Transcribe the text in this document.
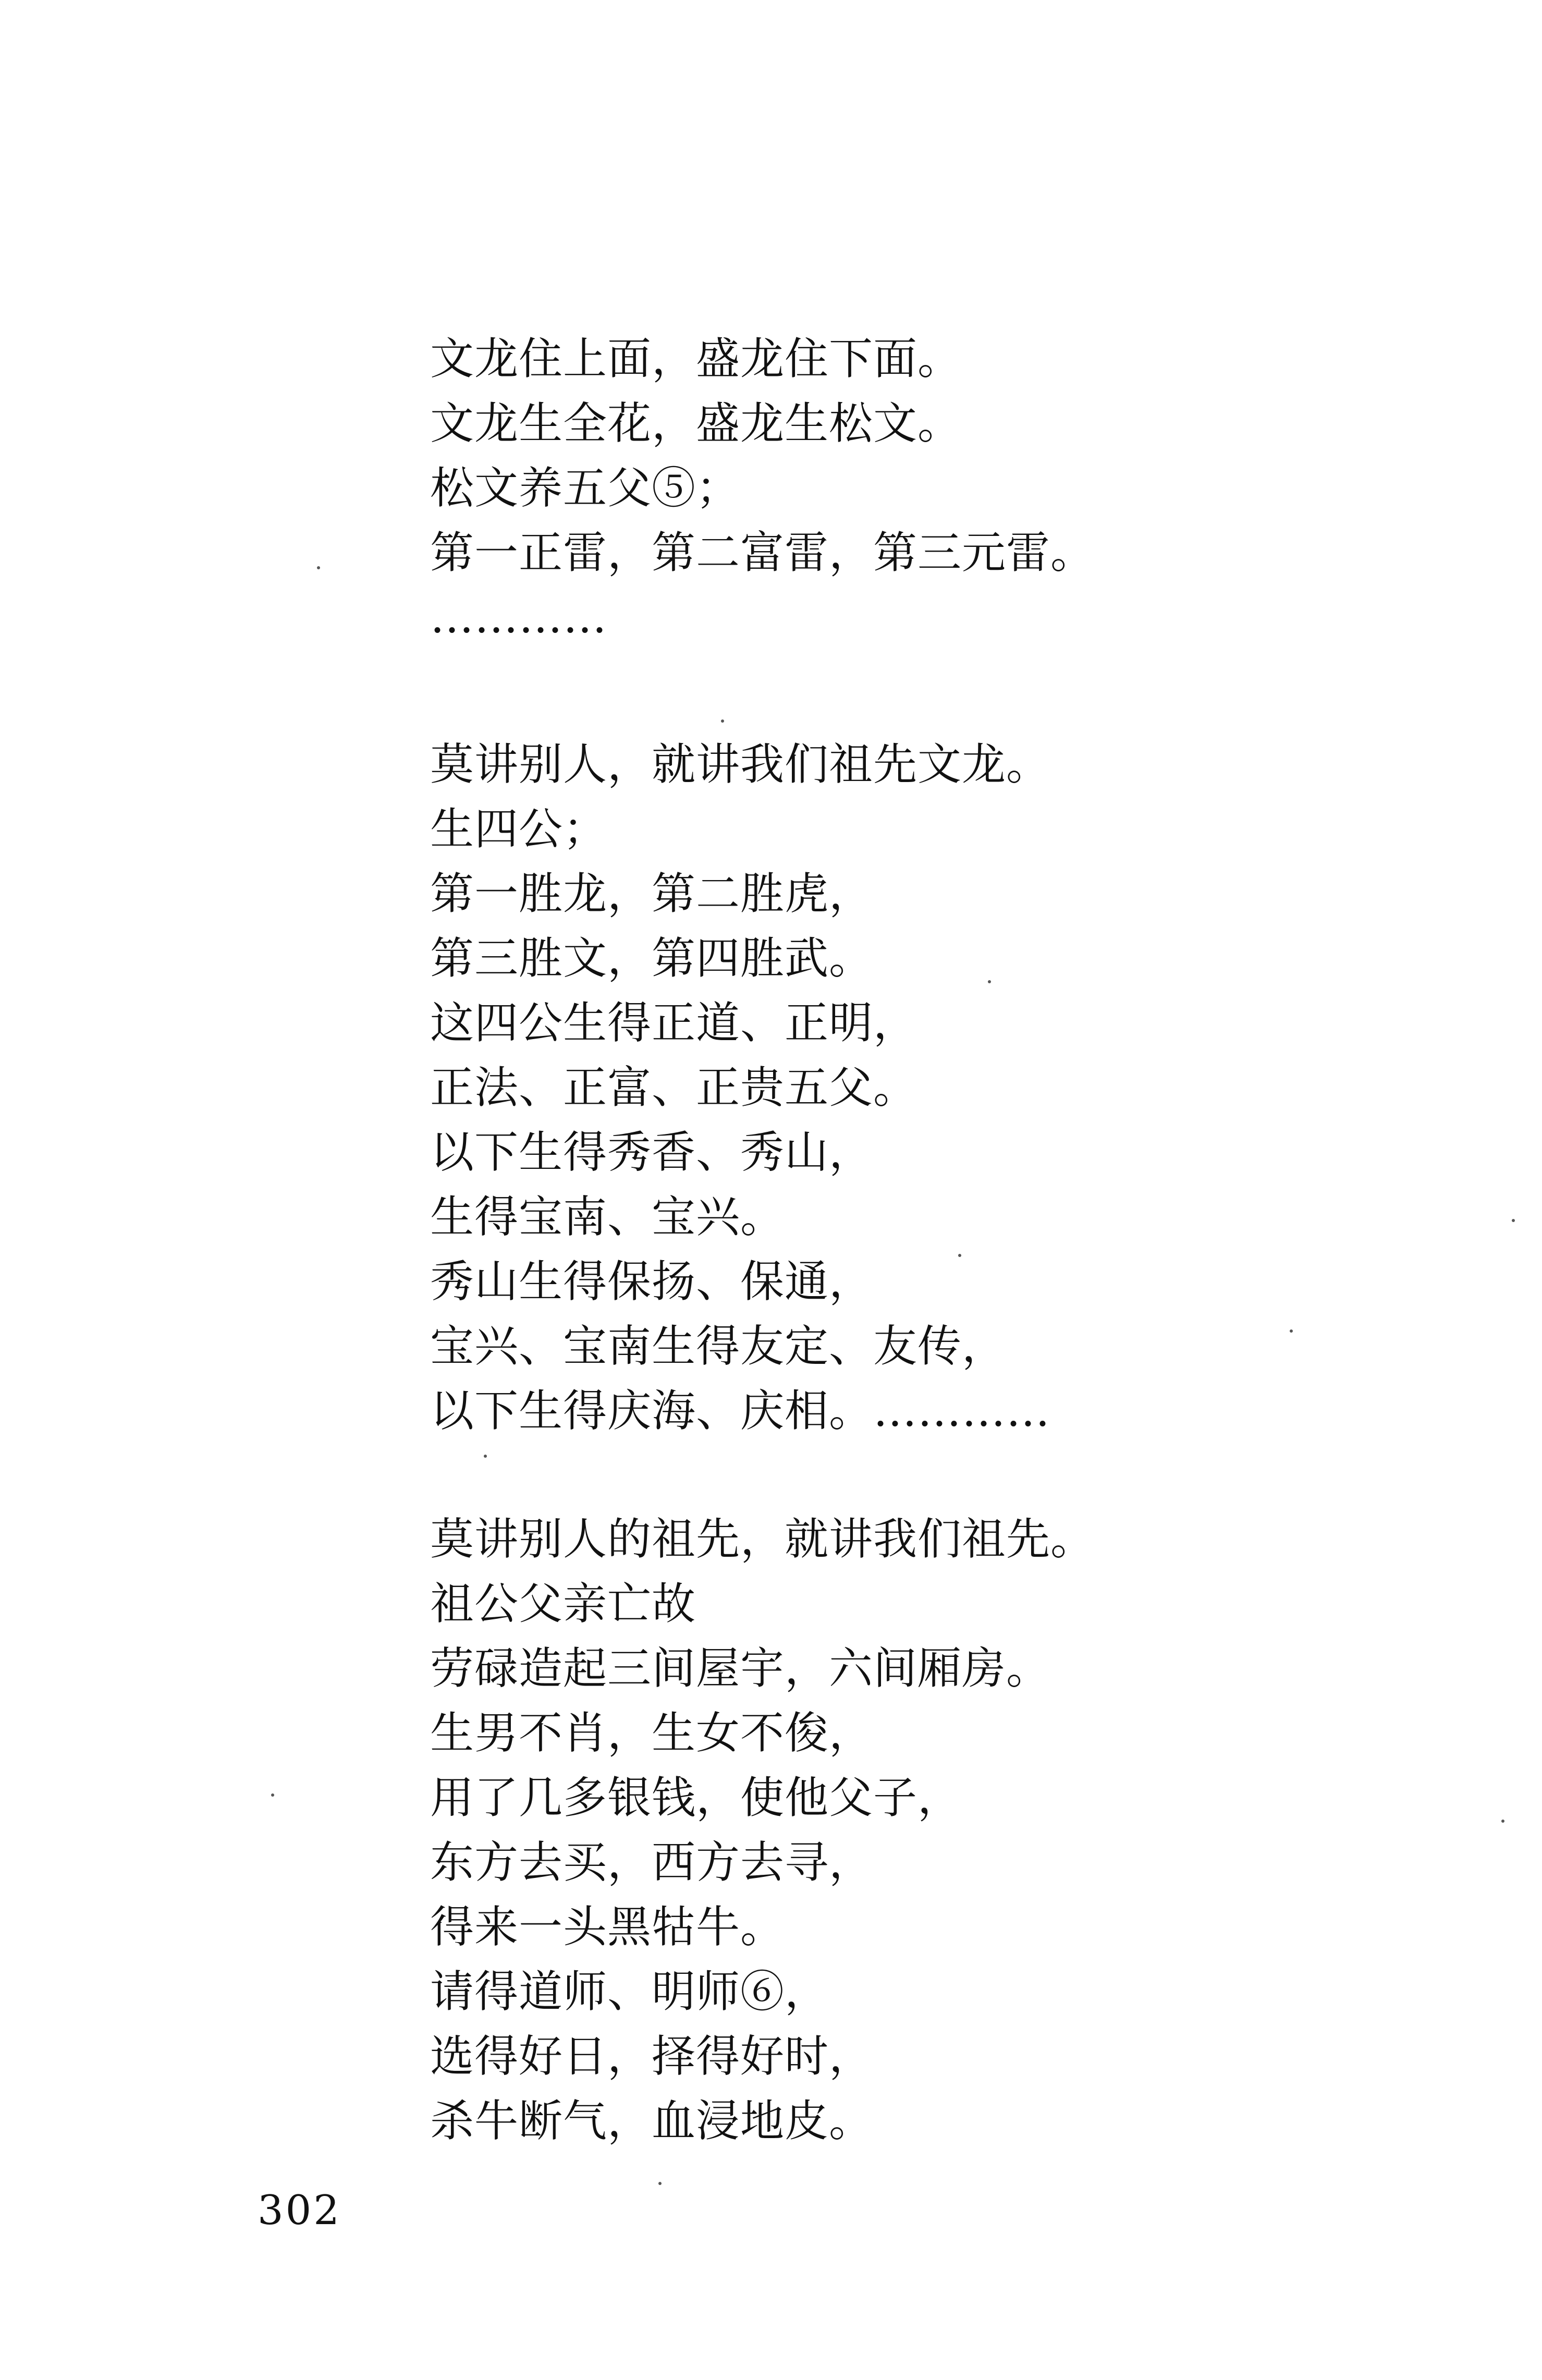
文龙住上面，盛龙住下面。
文龙生全花，盛龙生松文。
松文养五父⑤；
第一正雷，第二富雷，第三元雷。
…………
莫讲别人，就讲我们祖先文龙。
生四公；
第一胜龙，第二胜虎，
第三胜文，第四胜武。
这四公生得正道、正明，
正法、正富、正贵五父。
以下生得秀香、秀山，
生得宝南、宝兴。
秀山生得保扬、保通，
宝兴、宝南生得友定、友传，
以下生得庆海、庆相。…………
莫讲别人的祖先，就讲我们祖先。
祖公父亲亡故
劳碌造起三间屋宇，六间厢房。
生男不肖，生女不俊，
用了几多银钱，使他父子，
东方去买，西方去寻，
得来一头黑牯牛。
请得道师、明师⑥，
选得好日，择得好时，
杀牛断气，血浸地皮。
302
